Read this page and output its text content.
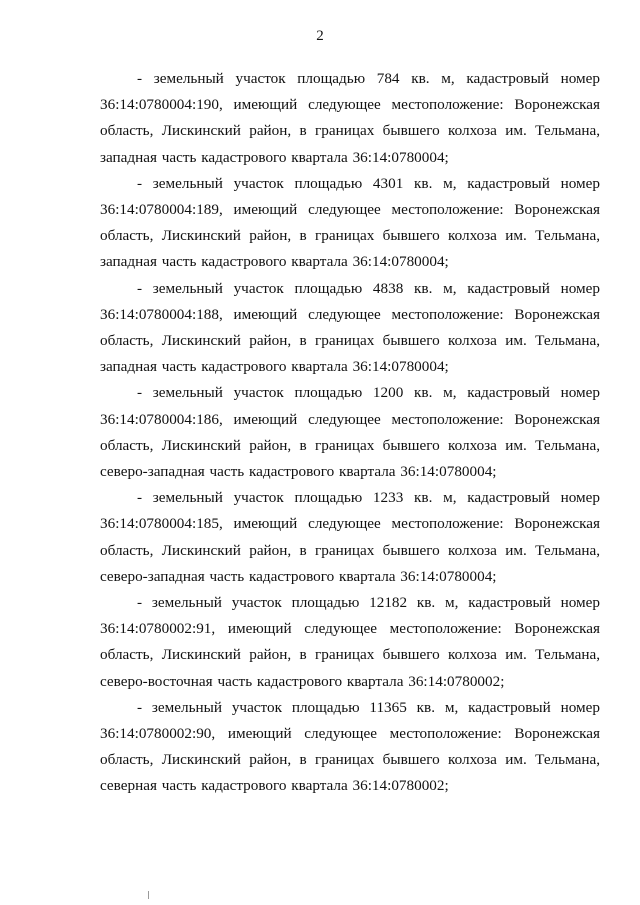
2

- земельный участок площадью 784 кв. м, кадастровый номер 36:14:0780004:190, имеющий следующее местоположение: Воронежская область, Лискинский район, в границах бывшего колхоза им. Тельмана, западная часть кадастрового квартала 36:14:0780004;

- земельный участок площадью 4301 кв. м, кадастровый номер 36:14:0780004:189, имеющий следующее местоположение: Воронежская область, Лискинский район, в границах бывшего колхоза им. Тельмана, западная часть кадастрового квартала 36:14:0780004;

- земельный участок площадью 4838 кв. м, кадастровый номер 36:14:0780004:188, имеющий следующее местоположение: Воронежская область, Лискинский район, в границах бывшего колхоза им. Тельмана, западная часть кадастрового квартала 36:14:0780004;

- земельный участок площадью 1200 кв. м, кадастровый номер 36:14:0780004:186, имеющий следующее местоположение: Воронежская область, Лискинский район, в границах бывшего колхоза им. Тельмана, северо-западная часть кадастрового квартала 36:14:0780004;

- земельный участок площадью 1233 кв. м, кадастровый номер 36:14:0780004:185, имеющий следующее местоположение: Воронежская область, Лискинский район, в границах бывшего колхоза им. Тельмана, северо-западная часть кадастрового квартала 36:14:0780004;

- земельный участок площадью 12182 кв. м, кадастровый номер 36:14:0780002:91, имеющий следующее местоположение: Воронежская область, Лискинский район, в границах бывшего колхоза им. Тельмана, северо-восточная часть кадастрового квартала 36:14:0780002;

- земельный участок площадью 11365 кв. м, кадастровый номер 36:14:0780002:90, имеющий следующее местоположение: Воронежская область, Лискинский район, в границах бывшего колхоза им. Тельмана, северная часть кадастрового квартала 36:14:0780002;
